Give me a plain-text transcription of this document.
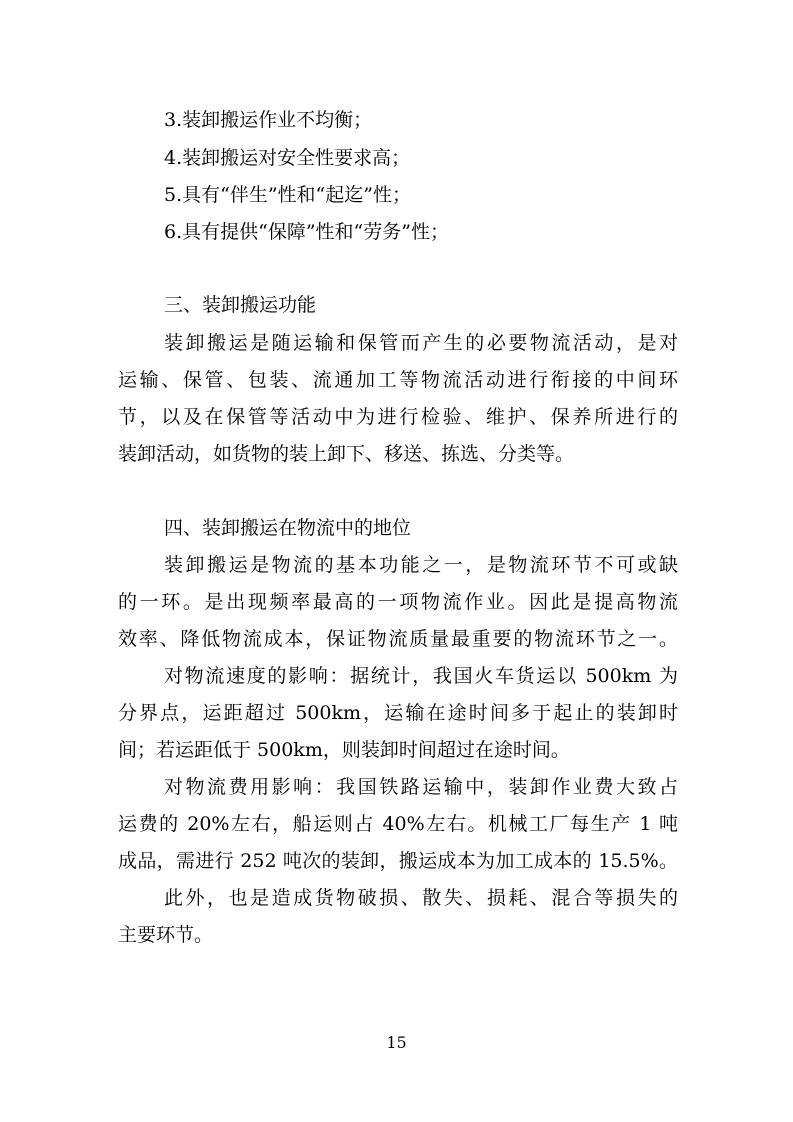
3.装卸搬运作业不均衡；
4.装卸搬运对安全性要求高；
5.具有“伴生”性和“起迄”性；
6.具有提供“保障”性和“劳务”性；
三、装卸搬运功能
装卸搬运是随运输和保管而产生的必要物流活动，是对
运输、保管、包装、流通加工等物流活动进行衔接的中间环
节，以及在保管等活动中为进行检验、维护、保养所进行的
装卸活动，如货物的装上卸下、移送、拣选、分类等。
四、装卸搬运在物流中的地位
装卸搬运是物流的基本功能之一，是物流环节不可或缺
的一环。是出现频率最高的一项物流作业。因此是提高物流
效率、降低物流成本，保证物流质量最重要的物流环节之一。
对物流速度的影响：据统计，我国火车货运以 500km 为
分界点，运距超过 500km，运输在途时间多于起止的装卸时
间；若运距低于 500km，则装卸时间超过在途时间。
对物流费用影响：我国铁路运输中，装卸作业费大致占
运费的 20%左右，船运则占 40%左右。机械工厂每生产 1 吨
成品，需进行 252 吨次的装卸，搬运成本为加工成本的 15.5%。
此外，也是造成货物破损、散失、损耗、混合等损失的
主要环节。
15
